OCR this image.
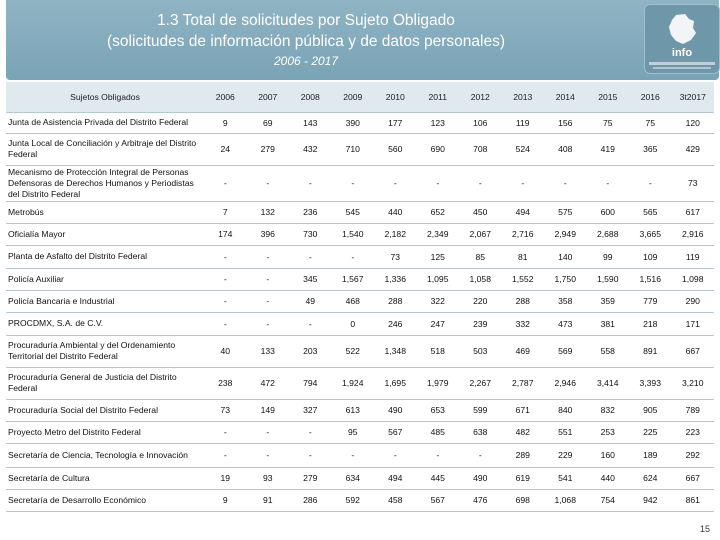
1.3 Total de solicitudes por Sujeto Obligado
(solicitudes de información pública y de datos personales)
2006 - 2017
info
Sujetos Obligados	2006	2007	2008	2009	2010	2011	2012	2013	2014	2015	2016	3t2017
Junta de Asistencia Privada del Distrito Federal	9	69	143	390	177	123	106	119	156	75	75	120
Junta Local de Conciliación y Arbitraje del Distrito Federal	24	279	432	710	560	690	708	524	408	419	365	429
Mecanismo de Protección Integral de Personas Defensoras de Derechos Humanos y Periodistas del Distrito Federal	-	-	-	-	-	-	-	-	-	-	-	73
Metrobús	7	132	236	545	440	652	450	494	575	600	565	617
Oficialía Mayor	174	396	730	1,540	2,182	2,349	2,067	2,716	2,949	2,688	3,665	2,916
Planta de Asfalto del Distrito Federal	-	-	-	-	73	125	85	81	140	99	109	119
Policía Auxiliar	-	-	345	1,567	1,336	1,095	1,058	1,552	1,750	1,590	1,516	1,098
Policía Bancaria e Industrial	-	-	49	468	288	322	220	288	358	359	779	290
PROCDMX, S.A. de C.V.	-	-	-	0	246	247	239	332	473	381	218	171
Procuraduría Ambiental y del Ordenamiento Territorial del Distrito Federal	40	133	203	522	1,348	518	503	469	569	558	891	667
Procuraduría General de Justicia del Distrito Federal	238	472	794	1,924	1,695	1,979	2,267	2,787	2,946	3,414	3,393	3,210
Procuraduría Social del Distrito Federal	73	149	327	613	490	653	599	671	840	832	905	789
Proyecto Metro del Distrito Federal	-	-	-	95	567	485	638	482	551	253	225	223
Secretaría de Ciencia, Tecnología e Innovación	-	-	-	-	-	-	-	289	229	160	189	292
Secretaría de Cultura	19	93	279	634	494	445	490	619	541	440	624	667
Secretaría de Desarrollo Económico	9	91	286	592	458	567	476	698	1,068	754	942	861
15
